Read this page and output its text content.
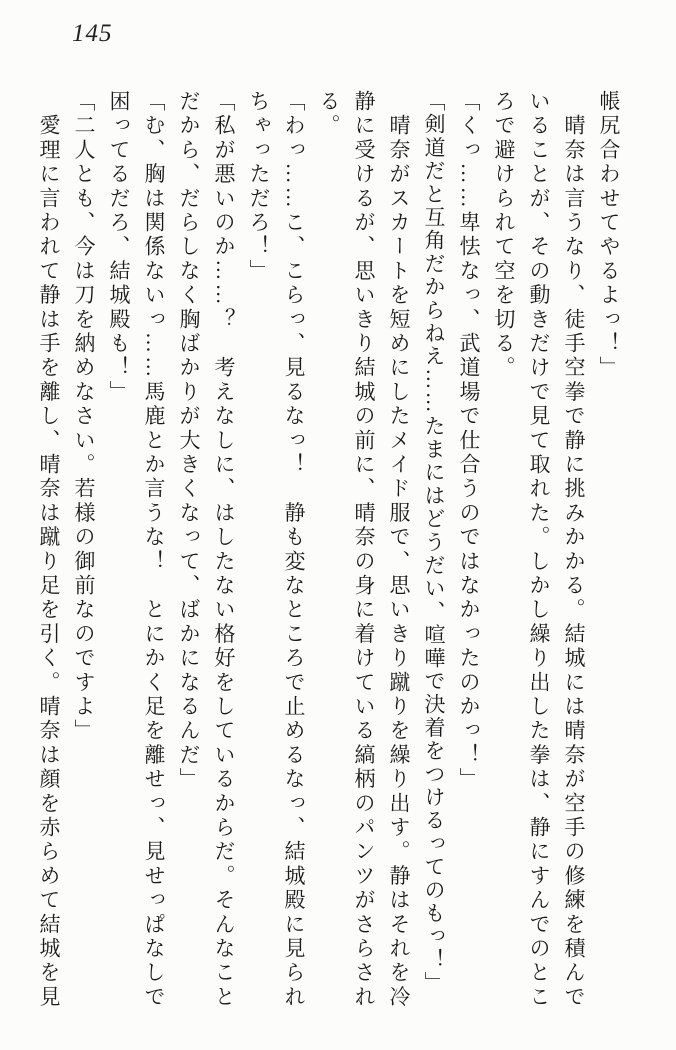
145
帳尻合わせてやるよっ！」
　晴奈は言うなり、徒手空拳で静に挑みかかる。結城には晴奈が空手の修練を積んで
いることが、その動きだけで見て取れた。しかし繰り出した拳は、静にすんでのとこ
ろで避けられて空を切る。
「くっ……卑怯なっ、武道場で仕合うのではなかったのかっ！」
「剣道だと互角だからねえ……たまにはどうだい、喧嘩で決着をつけるってのもっ！」
　晴奈がスカートを短めにしたメイド服で、思いきり蹴りを繰り出す。静はそれを冷
静に受けるが、思いきり結城の前に、晴奈の身に着けている縞柄のパンツがさらされ
る。
「わっ……こ、こらっ、見るなっ！　静も変なところで止めるなっ、結城殿に見られ
ちゃっただろ！」
「私が悪いのか……？　考えなしに、はしたない格好をしているからだ。そんなこと
だから、だらしなく胸ばかりが大きくなって、ばかになるんだ」
「む、胸は関係ないっ……馬鹿とか言うな！　とにかく足を離せっ、見せっぱなしで
困ってるだろ、結城殿も！」
「二人とも、今は刀を納めなさい。若様の御前なのですよ」
　愛理に言われて静は手を離し、晴奈は蹴り足を引く。晴奈は顔を赤らめて結城を見
